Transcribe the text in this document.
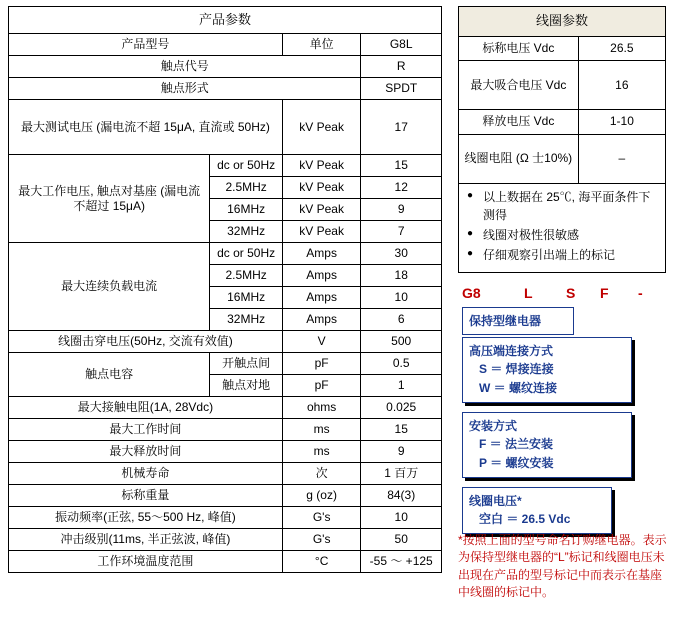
产品参数			
产品型号		单位	G8L
触点代号			R
触点形式			SPDT
最大测试电压 (漏电流不超 15μA, 直流或 50Hz)		kV Peak	17
最大工作电压, 触点对基座 (漏电流不超过 15μA)	dc or 50Hz	kV Peak	15
	2.5MHz	kV Peak	12
	16MHz	kV Peak	9
	32MHz	kV Peak	7
最大连续负载电流	dc or 50Hz	Amps	30
	2.5MHz	Amps	18
	16MHz	Amps	10
	32MHz	Amps	6
线圈击穿电压(50Hz, 交流有效值)		V	500
触点电容	开触点间	pF	0.5
	触点对地	pF	1
最大接触电阻(1A, 28Vdc)		ohms	0.025
最大工作时间		ms	15
最大释放时间		ms	9
机械寿命		次	1 百万
标称重量		g (oz)	84(3)
振动频率(正弦, 55～500 Hz, 峰值)		G's	10
冲击级别(11ms, 半正弦波, 峰值)		G's	50
工作环境温度范围		°C	-55 ～ +125
线圈参数	
标称电压 Vdc	26.5
最大吸合电压 Vdc	16
释放电压 Vdc	1-10
线圈电阻 (Ω 士10%)	–
● 以上数据在 25℃, 海平面条件下测得
● 线圈对极性很敏感
● 仔细观察引出端上的标记
G8	L S F -
保持型继电器
高压端连接方式
S ＝ 焊接连接
W ＝ 螺纹连接
安装方式
F ＝ 法兰安装
P ＝ 螺纹安装
线圈电压*
空白 ＝ 26.5 Vdc
*按照上面的型号命名订购继电器。表示为保持型继电器的“L”标记和线圈电压未出现在产品的型号标记中而表示在基座中线圈的标记中。
